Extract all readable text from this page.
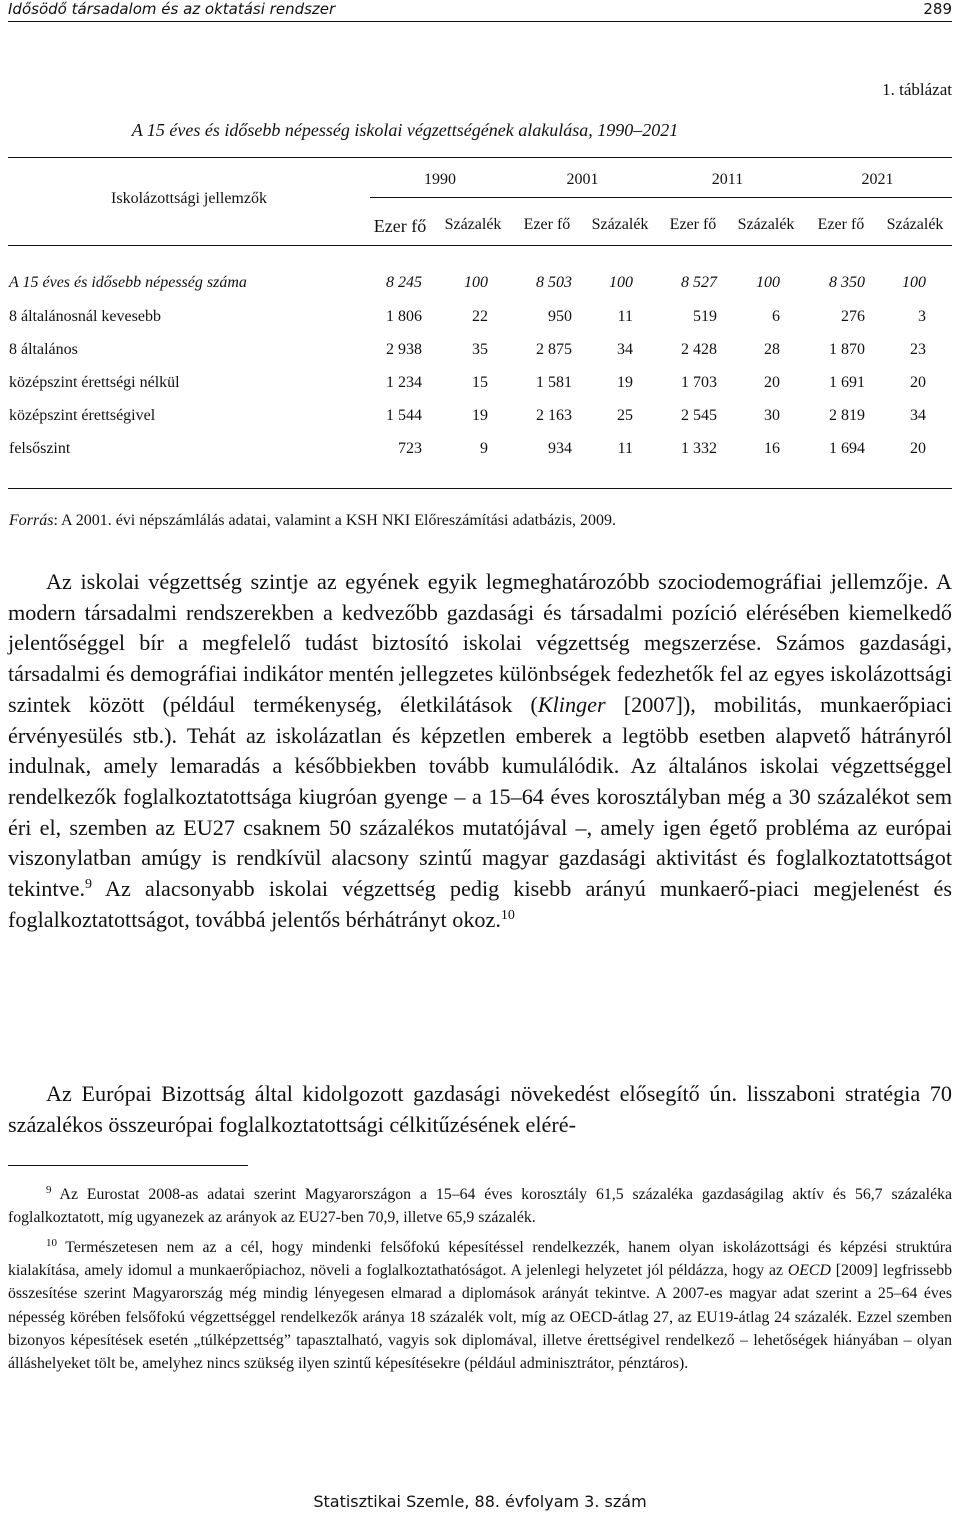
Idősödő társadalom és az oktatási rendszer	289
1. táblázat
A 15 éves és idősebb népesség iskolai végzettségének alakulása, 1990–2021
Iskolázottsági jellemzők
1990	2001	2011	2021
Ezer fő	Százalék	Ezer fő	Százalék	Ezer fő	Százalék	Ezer fő	Százalék
A 15 éves és idősebb népesség száma	8 245	100	8 503	100	8 527	100	8 350	100
8 általánosnál kevesebb	1 806	22	950	11	519	6	276	3
8 általános	2 938	35	2 875	34	2 428	28	1 870	23
középszint érettségi nélkül	1 234	15	1 581	19	1 703	20	1 691	20
középszint érettségivel	1 544	19	2 163	25	2 545	30	2 819	34
felsőszint	723	9	934	11	1 332	16	1 694	20
Forrás: A 2001. évi népszámlálás adatai, valamint a KSH NKI Előreszámítási adatbázis, 2009.
Az iskolai végzettség szintje az egyének egyik legmeghatározóbb szociodemográfiai jellemzője. A modern társadalmi rendszerekben a kedvezőbb gazdasági és társadalmi pozíció elérésében kiemelkedő jelentőséggel bír a megfelelő tudást biztosító iskolai végzettség megszerzése. Számos gazdasági, társadalmi és demográfiai indikátor mentén jellegzetes különbségek fedezhetők fel az egyes iskolázottsági szintek között (például termékenység, életkilátások (Klinger [2007]), mobilitás, munkaerőpiaci érvényesülés stb.). Tehát az iskolázatlan és képzetlen emberek a legtöbb esetben alapvető hátrányról indulnak, amely lemaradás a későbbiekben tovább kumulálódik. Az általános iskolai végzettséggel rendelkezők foglalkoztatottsága kiugróan gyenge – a 15–64 éves korosztályban még a 30 százalékot sem éri el, szemben az EU27 csaknem 50 százalékos mutatójával –, amely igen égető probléma az európai viszonylatban amúgy is rendkívül alacsony szintű magyar gazdasági aktivitást és foglalkoztatottságot tekintve.$^9$ Az alacsonyabb iskolai végzettség pedig kisebb arányú munkaerő-piaci megjelenést és foglalkoztatottságot, továbbá jelentős bérhátrányt okoz.$^{10}$
Az Európai Bizottság által kidolgozott gazdasági növekedést elősegítő ún. lisszaboni stratégia 70 százalékos összeurópai foglalkoztatottsági célkitűzésének eléré-
$^9$ Az Eurostat 2008-as adatai szerint Magyarországon a 15–64 éves korosztály 61,5 százaléka gazdaságilag aktív és 56,7 százaléka foglalkoztatott, míg ugyanezek az arányok az EU27-ben 70,9, illetve 65,9 százalék.
$^{10}$ Természetesen nem az a cél, hogy mindenki felsőfokú képesítéssel rendelkezzék, hanem olyan iskolázottsági és képzési struktúra kialakítása, amely idomul a munkaerőpiachoz, növeli a foglalkoztathatóságot. A jelenlegi helyzetet jól példázza, hogy az OECD [2009] legfrissebb összesítése szerint Magyarország még mindig lényegesen elmarad a diplomások arányát tekintve. A 2007-es magyar adat szerint a 25–64 éves népesség körében felsőfokú végzettséggel rendelkezők aránya 18 százalék volt, míg az OECD-átlag 27, az EU19-átlag 24 százalék. Ezzel szemben bizonyos képesítések esetén „túlképzettség” tapasztalható, vagyis sok diplomával, illetve érettségivel rendelkező – lehetőségek hiányában – olyan álláshelyeket tölt be, amelyhez nincs szükség ilyen szintű képesítésekre (például adminisztrátor, pénztáros).
Statisztikai Szemle, 88. évfolyam 3. szám
